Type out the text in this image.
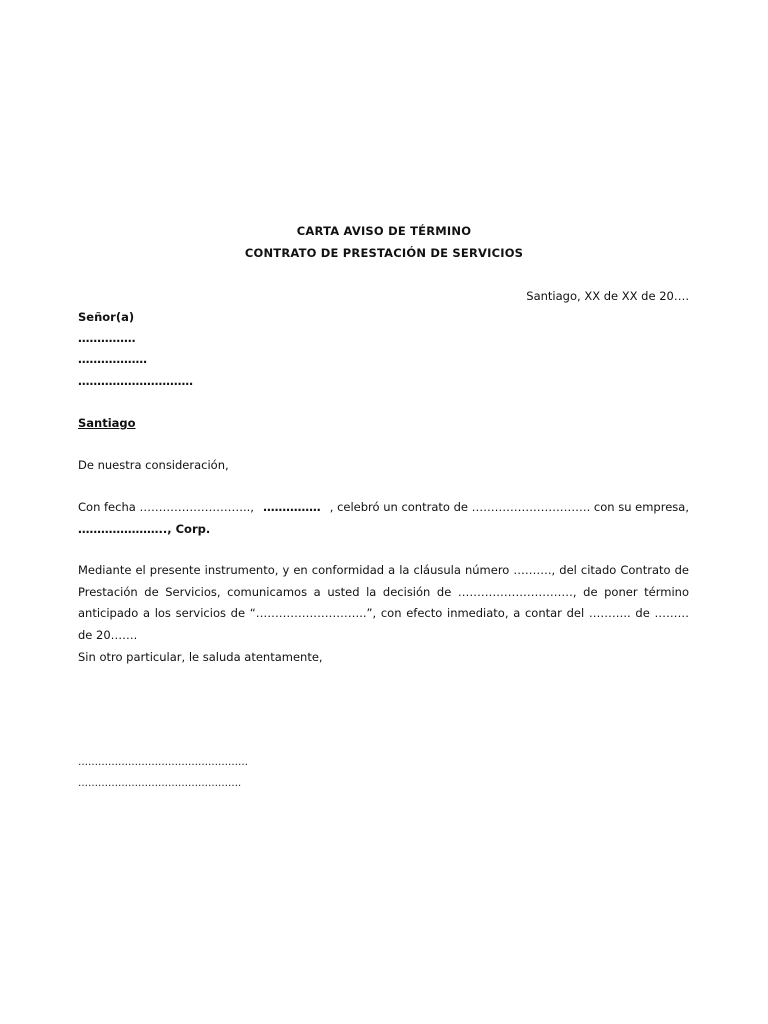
CARTA AVISO DE TÉRMINO
CONTRATO DE PRESTACIÓN DE SERVICIOS
Santiago, XX de XX de 20….
Señor(a)
……………
………………
…………………………
Santiago
De nuestra consideración,
Con fecha ……………………….., …………… , celebró un contrato de …………………………. con su empresa,
………………….., Corp.
Mediante el presente instrumento, y en conformidad a la cláusula número ………., del citado Contrato de Prestación de Servicios, comunicamos a usted la decisión de …………………………, de poner término anticipado a los servicios de “………………………..”, con efecto inmediato, a contar del ……….. de ……… de 20…….
Sin otro particular, le saluda atentamente,
……………………………………………
………………………………………….
